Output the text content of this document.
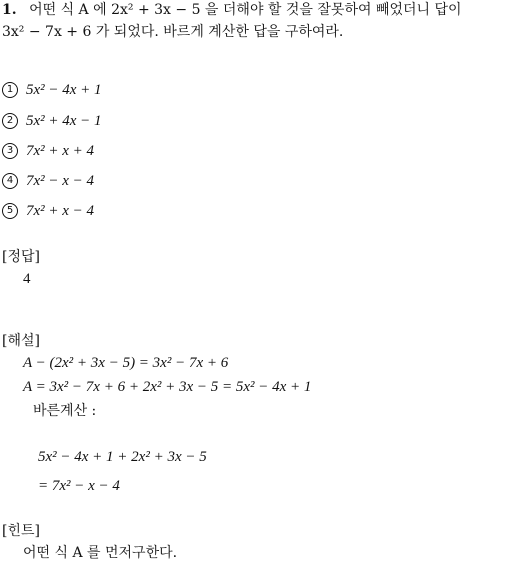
1. 어떤 식 A 에 2x² + 3x − 5 을 더해야 할 것을 잘못하여 빼었더니 답이
3x² − 7x + 6 가 되었다. 바르게 계산한 답을 구하여라.
1 5x² − 4x + 1
2 5x² + 4x − 1
3 7x² + x + 4
4 7x² − x − 4
5 7x² + x − 4
[정답]
4
[해설]
A − (2x² + 3x − 5) = 3x² − 7x + 6
A = 3x² − 7x + 6 + 2x² + 3x − 5 = 5x² − 4x + 1
바른계산 :
5x² − 4x + 1 + 2x² + 3x − 5
= 7x² − x − 4
[힌트]
어떤 식 A 를 먼저구한다.
